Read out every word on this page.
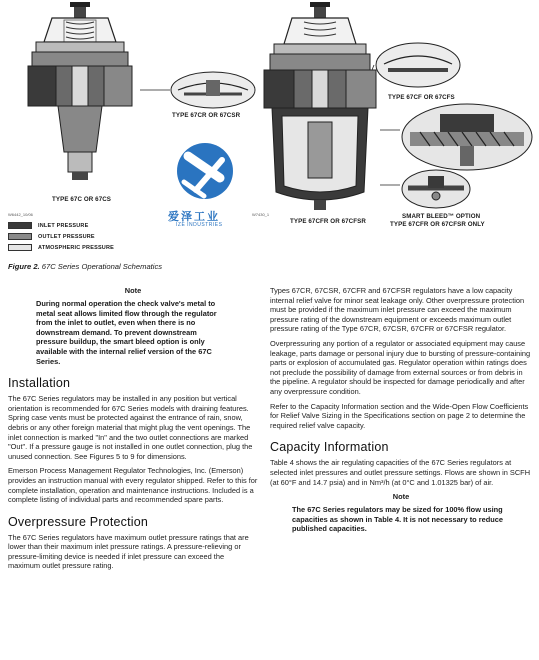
TYPE 67C OR 67CS
TYPE 67CR OR 67CSR
TYPE 67CF OR 67CFS
TYPE 67CFR OR 67CFSR
SMART BLEED™ OPTION
TYPE 67CFR OR 67CFSR ONLY
W6442_10/06	W7430_1
INLET PRESSURE
OUTLET PRESSURE
ATMOSPHERIC PRESSURE
爱泽工业
IZE INDUSTRIES
Figure 2. 67C Series Operational Schematics
Note
During normal operation the check valve's metal to metal seat allows limited flow through the regulator from the inlet to outlet, even when there is no downstream demand. To prevent downstream pressure buildup, the smart bleed option is only available with the internal relief version of the 67C Series.
Installation

The 67C Series regulators may be installed in any position but vertical orientation is recommended for 67C Series models with draining features. Spring case vents must be protected against the entrance of rain, snow, debris or any other foreign material that might plug the vent openings. The inlet connection is marked "In" and the two outlet connections are marked "Out". If a pressure gauge is not installed in one outlet connection, plug the unused connection. See Figures 5 to 9 for dimensions.

Emerson Process Management Regulator Technologies, Inc. (Emerson) provides an instruction manual with every regulator shipped. Refer to this for complete installation, operation and maintenance instructions. Included is a complete listing of individual parts and recommended spare parts.

Overpressure Protection

The 67C Series regulators have maximum outlet pressure ratings that are lower than their maximum inlet pressure ratings. A pressure-relieving or pressure-limiting device is needed if inlet pressure can exceed the maximum outlet pressure rating.

Types 67CR, 67CSR, 67CFR and 67CFSR regulators have a low capacity internal relief valve for minor seat leakage only. Other overpressure protection must be provided if the maximum inlet pressure can exceed the maximum pressure rating of the downstream equipment or exceeds maximum outlet pressure rating of the Type 67CR, 67CSR, 67CFR or 67CFSR regulator.

Overpressuring any portion of a regulator or associated equipment may cause leakage, parts damage or personal injury due to bursting of pressure-containing parts or explosion of accumulated gas. Regulator operation within ratings does not preclude the possibility of damage from external sources or from debris in the pipeline. A regulator should be inspected for damage periodically and after any overpressure condition.

Refer to the Capacity Information section and the Wide-Open Flow Coefficients for Relief Valve Sizing in the Specifications section on page 2 to determine the required relief valve capacity.

Capacity Information

Table 4 shows the air regulating capacities of the 67C Series regulators at selected inlet pressures and outlet pressure settings. Flows are shown in SCFH (at 60°F and 14.7 psia) and in Nm³/h (at 0°C and 1.01325 bar) of air.

Note
The 67C Series regulators may be sized for 100% flow using capacities as shown in Table 4. It is not necessary to reduce published capacities.
